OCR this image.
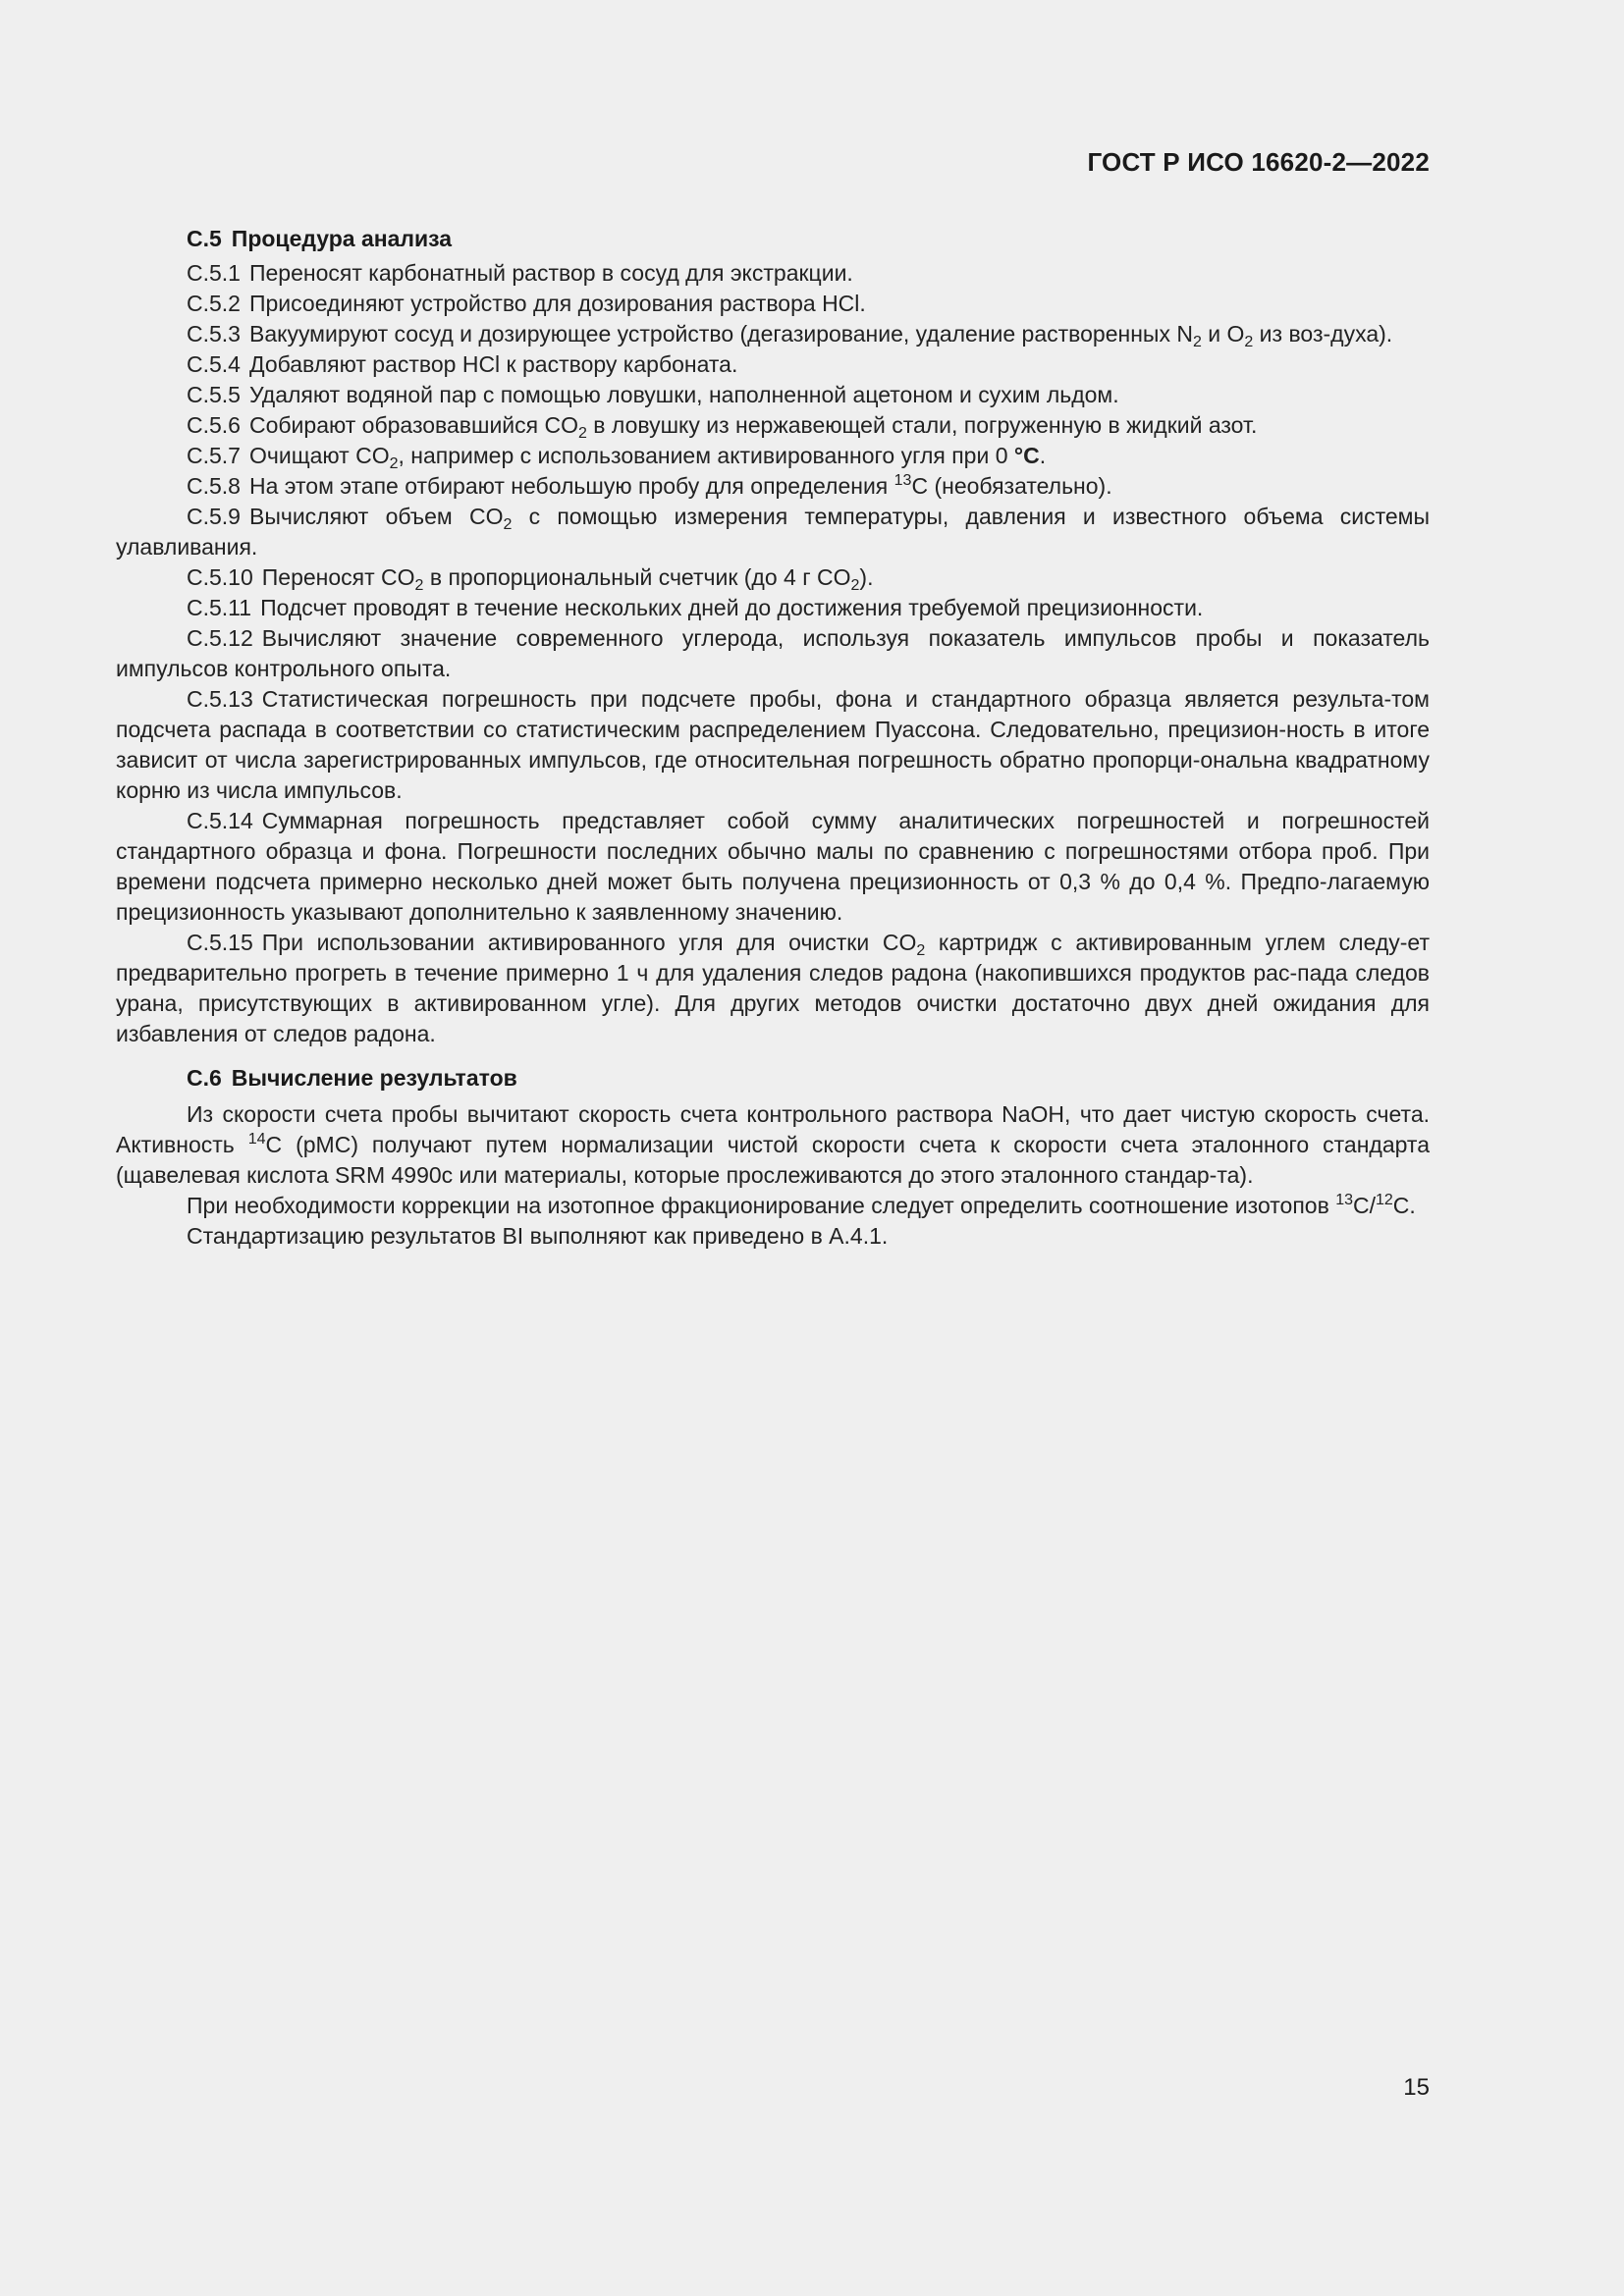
ГОСТ Р ИСО 16620-2—2022
С.5 Процедура анализа

С.5.1 Переносят карбонатный раствор в сосуд для экстракции.

С.5.2 Присоединяют устройство для дозирования раствора HCl.

С.5.3 Вакуумируют сосуд и дозирующее устройство (дегазирование, удаление растворенных $N_2$ и $O_2$ из воз-духа).

С.5.4 Добавляют раствор HCl к раствору карбоната.

С.5.5 Удаляют водяной пар с помощью ловушки, наполненной ацетоном и сухим льдом.

С.5.6 Собирают образовавшийся $CO_2$ в ловушку из нержавеющей стали, погруженную в жидкий азот.

С.5.7 Очищают $CO_2$, например с использованием активированного угля при 0 °C.

С.5.8 На этом этапе отбирают небольшую пробу для определения $^{13}$C (необязательно).

С.5.9 Вычисляют объем $CO_2$ с помощью измерения температуры, давления и известного объема системы улавливания.

С.5.10 Переносят $CO_2$ в пропорциональный счетчик (до 4 г $CO_2$).

С.5.11 Подсчет проводят в течение нескольких дней до достижения требуемой прецизионности.

С.5.12 Вычисляют значение современного углерода, используя показатель импульсов пробы и показатель импульсов контрольного опыта.

С.5.13 Статистическая погрешность при подсчете пробы, фона и стандартного образца является результа-том подсчета распада в соответствии со статистическим распределением Пуассона. Следовательно, прецизион-ность в итоге зависит от числа зарегистрированных импульсов, где относительная погрешность обратно пропорци-ональна квадратному корню из числа импульсов.

С.5.14 Суммарная погрешность представляет собой сумму аналитических погрешностей и погрешностей стандартного образца и фона. Погрешности последних обычно малы по сравнению с погрешностями отбора проб. При времени подсчета примерно несколько дней может быть получена прецизионность от 0,3 % до 0,4 %. Предпо-лагаемую прецизионность указывают дополнительно к заявленному значению.

С.5.15 При использовании активированного угля для очистки $CO_2$ картридж с активированным углем следу-ет предварительно прогреть в течение примерно 1 ч для удаления следов радона (накопившихся продуктов рас-пада следов урана, присутствующих в активированном угле). Для других методов очистки достаточно двух дней ожидания для избавления от следов радона.

С.6 Вычисление результатов

Из скорости счета пробы вычитают скорость счета контрольного раствора NaOH, что дает чистую скорость счета. Активность $^{14}$C (pMC) получают путем нормализации чистой скорости счета к скорости счета эталонного стандарта (щавелевая кислота SRM 4990c или материалы, которые прослеживаются до этого эталонного стандар-та).

При необходимости коррекции на изотопное фракционирование следует определить соотношение изотопов $^{13}$C/$^{12}$C.

Стандартизацию результатов BI выполняют как приведено в А.4.1.

15
